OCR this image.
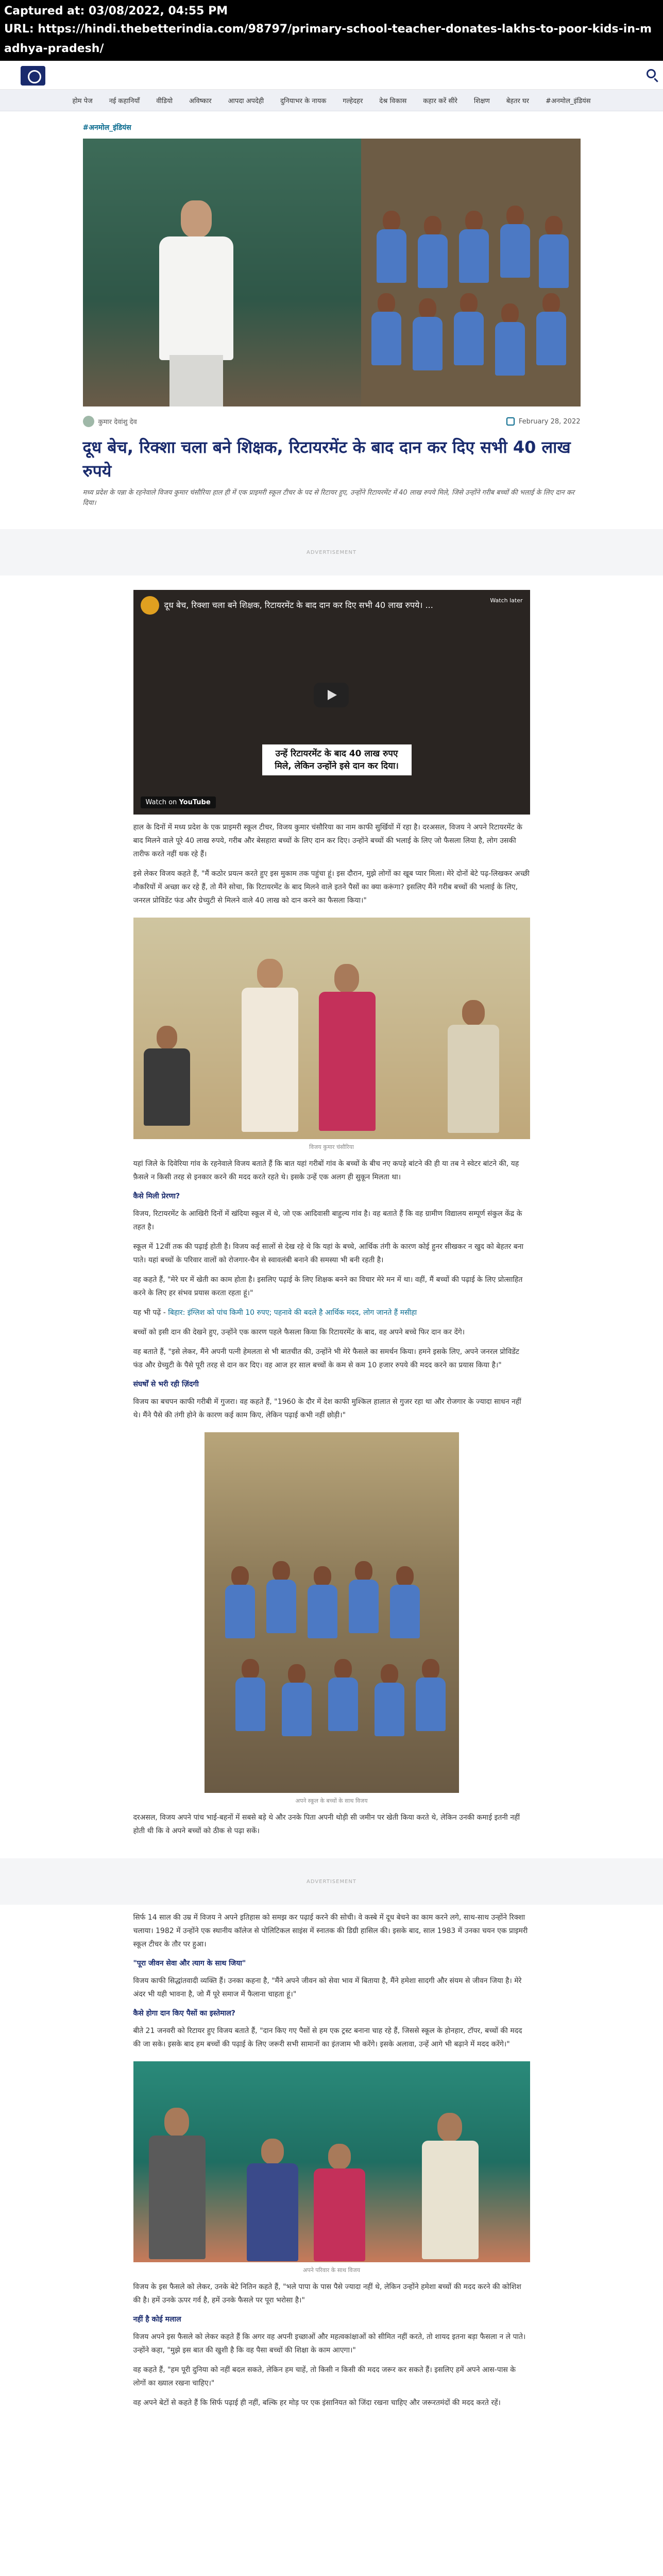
Captured at: 03/08/2022, 04:55 PM
URL: https://hindi.thebetterindia.com/98797/primary-school-teacher-donates-lakhs-to-poor-kids-in-madhya-pradesh/
होम पेज नई कहानियाँ वीडियो अविष्कार आपदा अपदेही दुनियाभर के नायक गल्हेदहर देश्र विकास कहार करें सीरे शिक्षण बेहतर घर #अनमोल_इंडियंस
#अनमोल_इंडियंस
कुमार देवांशु देव	February 28, 2022
दूध बेच, रिक्शा चला बने शिक्षक, रिटायरमेंट के बाद दान कर दिए सभी 40 लाख रुपये

मध्य प्रदेश के पन्ना के रहनेवाले विजय कुमार चंसौरिया हाल ही में एक प्राइमरी स्कूल टीचर के पद से रिटायर हुए, उन्होंने रिटायरमेंट में 40 लाख रुपये मिले, जिसे उन्होंने गरीब बच्चों की भलाई के लिए दान कर दिया।

ADVERTISEMENT
दूध बेच, रिक्शा चला बने शिक्षक, रिटायरमेंट के बाद दान कर दिए सभी 40 लाख रुपये। ...	Watch later
उन्हें रिटायरमेंट के बाद 40 लाख रुपए मिले, लेकिन उन्होंने इसे दान कर दिया।
Watch on YouTube

हाल के दिनों में मध्य प्रदेश के एक प्राइमरी स्कूल टीचर, विजय कुमार चंसौरिया का नाम काफी सुर्खियों में रहा है। दरअसल, विजय ने अपने रिटायरमेंट के बाद मिलने वाले पूरे 40 लाख रुपये, गरीब और बेसहारा बच्चों के लिए दान कर दिए। उन्होंने बच्चों की भलाई के लिए जो फैसला लिया है, लोग उसकी तारीफ करते नहीं थक रहे हैं।

इसे लेकर विजय कहते हैं, "मैं कठोर प्रयत्न करते हुए इस मुकाम तक पहुंचा हूं। इस दौरान, मुझे लोगों का खूब प्यार मिला। मेरे दोनों बेटे पढ़-लिखकर अच्छी नौकरियों में अच्छा कर रहे हैं, तो मैंने सोचा, कि रिटायरमेंट के बाद मिलने वाले इतने पैसों का क्या करूंगा? इसलिए मैंने गरीब बच्चों की भलाई के लिए, जनरल प्रोविडेंट फंड और ग्रेच्युटी से मिलने वाले 40 लाख को दान करने का फैसला किया।"

विजय कुमार चंसौरिया

यहां जिले के दिवेरिया गांव के रहनेवाले विजय बताते हैं कि बात यहां गरीबों गांव के बच्चों के बीच नए कपड़े बांटने की ही या तब ने स्वेटर बांटने की, यह फ़ैसले न किसी तरह से इनकार करने की मदद करते रहते थे। इसके उन्हें एक अलग ही सुकून मिलता था।

कैसे मिली प्रेरणा?

विजय, रिटायरमेंट के आखिरी दिनों में खंदिया स्कूल में थे, जो एक आदिवासी बाहुल्य गांव है। वह बताते हैं कि वह ग्रामीण विद्यालय सम्पूर्ण संकुल केंद्र के तहत है।

स्कूल में 12वीं तक की पढ़ाई होती है। विजय कई सालों से देख रहे थे कि यहां के बच्चे, आर्थिक तंगी के कारण कोई हुनर सीखकर न खुद को बेहतर बना पाते। यहां बच्चों के परिवार वालों को रोजगार-चैन से स्वावलंबी बनाने की समस्या भी बनी रहती है।

वह कहते हैं, "मेरे घर में खेती का काम होता है। इसलिए पढ़ाई के लिए शिक्षक बनने का विचार मेरे मन में था। वहीं, मैं बच्चों की पढ़ाई के लिए प्रोत्साहित करने के लिए हर संभव प्रयास करता रहता हूं।"

यह भी पढ़ें - बिहार: इंग्लिश को पांच किमी 10 रुपए; पहनावे की बदले है आर्थिक मदद, लोग जानते हैं मसीहा

बच्चों को इसी दान की देखने हुए, उन्होंने एक कारण पहले फैसला किया कि रिटायरमेंट के बाद, वह अपने बच्चे फिर दान कर देंगे।

वह बताते हैं, "इसे लेकर, मैंने अपनी पत्नी हेमलता से भी बातचीत की, उन्होंने भी मेरे फैसले का समर्थन किया। हमने इसके लिए, अपने जनरल प्रोविडेंट फंड और ग्रेच्युटी के पैसे पूरी तरह से दान कर दिए। वह आज हर साल बच्चों के कम से कम 10 हजार रुपये की मदद करने का प्रयास किया है।"

संघर्षों से भरी रही ज़िंदगी

विजय का बचपन काफी गरीबी में गुजरा। वह कहते हैं, "1960 के दौर में देश काफी मुश्किल हालात से गुजर रहा था और रोजगार के ज्यादा साधन नहीं थे। मैंने पैसे की तंगी होने के कारण कई काम किए, लेकिन पढ़ाई कभी नहीं छोड़ी।"

अपने स्कूल के बच्चों के साथ विजय

दरअसल, विजय अपने पांच भाई-बहनों में सबसे बड़े थे और उनके पिता अपनी थोड़ी सी जमीन पर खेती किया करते थे, लेकिन उनकी कमाई इतनी नहीं होती थी कि वे अपने बच्चों को ठीक से पढ़ा सकें।

ADVERTISEMENT

सिर्फ 14 साल की उम्र में विजय ने अपने इतिहास को समझ कर पढ़ाई करने की सोची। वे कस्बे में दूध बेचने का काम करने लगे, साथ-साथ उन्होंने रिक्शा चलाया। 1982 में उन्होंने एक स्थानीय कॉलेज से पोलिटिकल साइंस में स्नातक की डिग्री हासिल की। इसके बाद, साल 1983 में उनका चयन एक प्राइमरी स्कूल टीचर के तौर पर हुआ।

"पूरा जीवन सेवा और त्याग के साथ जिया"

विजय काफी सिद्धांतवादी व्यक्ति हैं। उनका कहना है, "मैंने अपने जीवन को सेवा भाव में बिताया है, मैंने हमेशा सादगी और संयम से जीवन जिया है। मेरे अंदर भी यही भावना है, जो मैं पूरे समाज में फैलाना चाहता हूं।"

कैसे होगा दान किए पैसों का इस्तेमाल?

बीते 21 जनवरी को रिटायर हुए विजय बताते हैं, "दान किए गए पैसों से हम एक ट्रस्ट बनाना चाह रहे हैं, जिससे स्कूल के होनहार, टॉपर, बच्चों की मदद की जा सके। इसके बाद हम बच्चों की पढ़ाई के लिए जरूरी सभी सामानों का इंतजाम भी करेंगे। इसके अलावा, उन्हें आगे भी बढ़ाने में मदद करेंगे।"

अपने परिवार के साथ विजय

विजय के इस फैसले को लेकर, उनके बेटे नितिन कहते हैं, "भले पापा के पास पैसे ज्यादा नहीं थे, लेकिन उन्होंने हमेशा बच्चों की मदद करने की कोशिश की है। हमें उनके ऊपर गर्व है, हमें उनके फैसले पर पूरा भरोसा है।"

नहीं है कोई मलाल

विजय अपने इस फैसले को लेकर कहते हैं कि अगर वह अपनी इच्छाओं और महत्वकांक्षाओं को सीमित नहीं करते, तो शायद इतना बड़ा फैसला न ले पाते। उन्होंने कहा, "मुझे इस बात की खुशी है कि वह पैसा बच्चों की शिक्षा के काम आएगा।"

वह कहते हैं, "हम पूरी दुनिया को नहीं बदल सकते, लेकिन हम चाहें, तो किसी न किसी की मदद जरूर कर सकते हैं। इसलिए हमें अपने आस-पास के लोगों का ख्याल रखना चाहिए।"

वह अपने बेटों से कहते हैं कि सिर्फ पढ़ाई ही नहीं, बल्कि हर मोड़ पर एक इंसानियत को जिंदा रखना चाहिए और जरूरतमंदों की मदद करते रहें।
